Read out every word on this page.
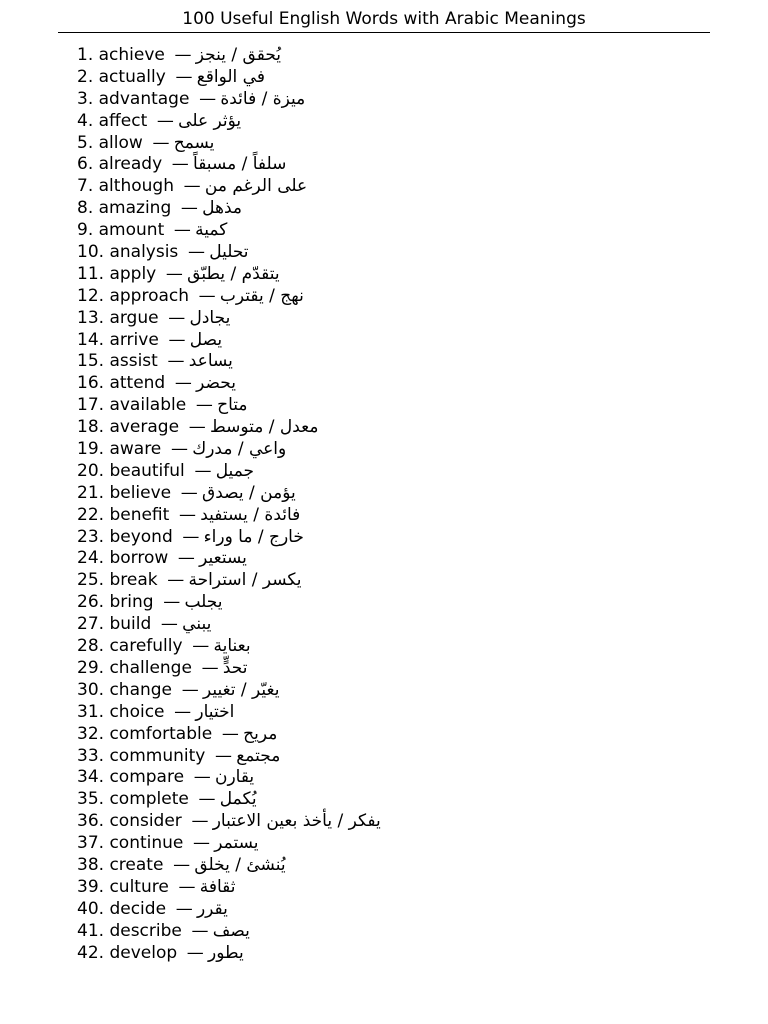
100 Useful English Words with Arabic Meanings
1. achieve — يُحقق / ينجز
2. actually — في الواقع
3. advantage — ميزة / فائدة
4. affect — يؤثر على
5. allow — يسمح
6. already — سلفاً / مسبقاً
7. although — على الرغم من
8. amazing — مذهل
9. amount — كمية
10. analysis — تحليل
11. apply — يتقدّم / يطبّق
12. approach — نهج / يقترب
13. argue — يجادل
14. arrive — يصل
15. assist — يساعد
16. attend — يحضر
17. available — متاح
18. average — معدل / متوسط
19. aware — واعي / مدرك
20. beautiful — جميل
21. believe — يؤمن / يصدق
22. benefit — فائدة / يستفيد
23. beyond — خارج / ما وراء
24. borrow — يستعير
25. break — يكسر / استراحة
26. bring — يجلب
27. build — يبني
28. carefully — بعناية
29. challenge — تحدٍّ
30. change — يغيّر / تغيير
31. choice — اختيار
32. comfortable — مريح
33. community — مجتمع
34. compare — يقارن
35. complete — يُكمل
36. consider — يفكر / يأخذ بعين الاعتبار
37. continue — يستمر
38. create — يُنشئ / يخلق
39. culture — ثقافة
40. decide — يقرر
41. describe — يصف
42. develop — يطور
